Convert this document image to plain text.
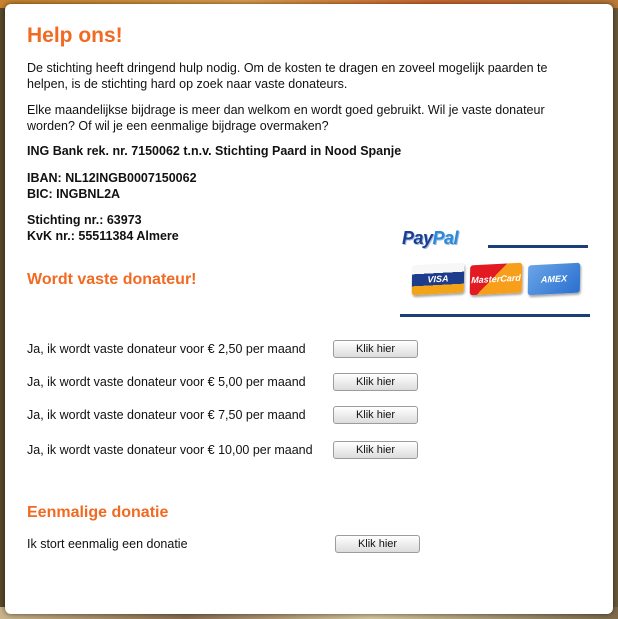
Help ons!

De stichting heeft dringend hulp nodig. Om de kosten te dragen en zoveel mogelijk paarden te
helpen, is de stichting hard op zoek naar vaste donateurs.

Elke maandelijkse bijdrage is meer dan welkom en wordt goed gebruikt. Wil je vaste donateur
worden? Of wil je een eenmalige bijdrage overmaken?

ING Bank rek. nr. 7150062 t.n.v. Stichting Paard in Nood Spanje

IBAN: NL12INGB0007150062
BIC: INGBNL2A

Stichting nr.: 63973
KvK nr.: 55511384 Almere	PayPal
VISA	MasterCard	AMEX
Wordt vaste donateur!
Ja, ik wordt vaste donateur voor € 2,50 per maand	Klik hier
Ja, ik wordt vaste donateur voor € 5,00 per maand	Klik hier
Ja, ik wordt vaste donateur voor € 7,50 per maand	Klik hier
Ja, ik wordt vaste donateur voor € 10,00 per maand	Klik hier
Eenmalige donatie
Ik stort eenmalig een donatie	Klik hier
